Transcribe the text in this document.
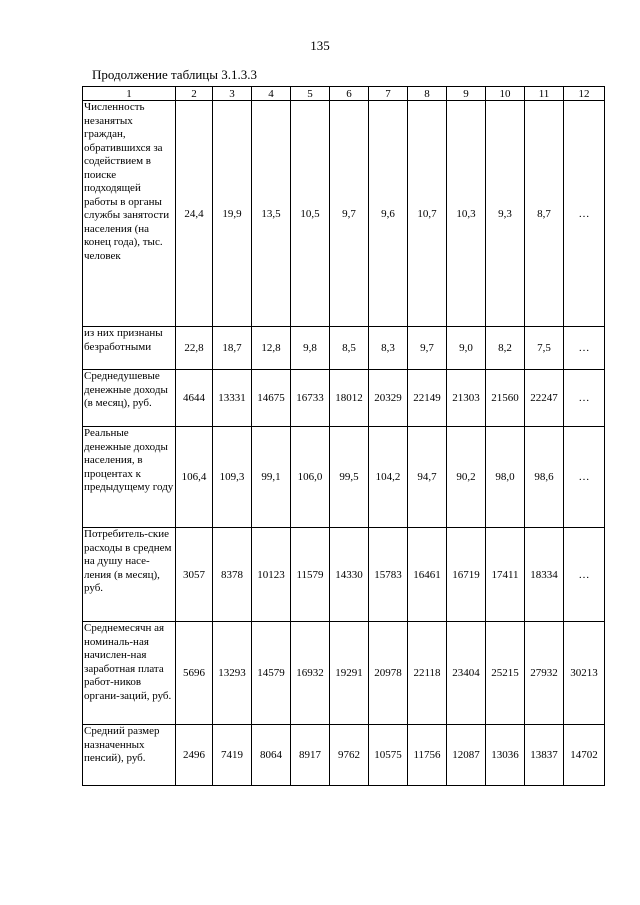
135
Продолжение таблицы 3.1.3.3
1	2	3	4	5	6	7	8	9	10	11	12
Численность незанятых граждан, обратившихся за содействием в поиске подходящей работы в органы службы занятости населения (на конец года), тыс. человек	24,4	19,9	13,5	10,5	9,7	9,6	10,7	10,3	9,3	8,7	…
из них признаны безработными	22,8	18,7	12,8	9,8	8,5	8,3	9,7	9,0	8,2	7,5	…
Среднедушевые денежные доходы (в месяц), руб.	4644	13331	14675	16733	18012	20329	22149	21303	21560	22247	…
Реальные денежные доходы населения, в процентах к предыдущему году	106,4	109,3	99,1	106,0	99,5	104,2	94,7	90,2	98,0	98,6	…
Потребитель-ские расходы в среднем на душу насе-ления (в месяц), руб.	3057	8378	10123	11579	14330	15783	16461	16719	17411	18334	…
Среднемесячн ая номиналь-ная начислен-ная заработная плата работ-ников органи-заций, руб.	5696	13293	14579	16932	19291	20978	22118	23404	25215	27932	30213
Средний размер назначенных пенсий), руб.	2496	7419	8064	8917	9762	10575	11756	12087	13036	13837	14702
